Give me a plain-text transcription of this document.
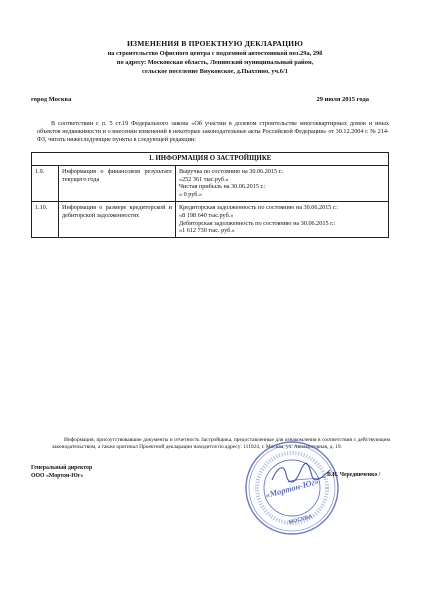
ИЗМЕНЕНИЯ В ПРОЕКТНУЮ ДЕКЛАРАЦИЮ
на строительство Офисного центра с подземной автостоянкой поз.29а, 29б
по адресу: Московская область, Ленинский муниципальный район,
сельское поселение Внуковское, д.Пыхтино, уч.6/1
город Москва	29 июля 2015 года
В соответствии с п. 5 ст.19 Федерального закона «Об участии в долевом строительстве многоквартирных домов и иных объектов недвижимости и о внесении изменений в некоторые законодательные акты Российской Федерации» от 30.12.2004 г. № 214-ФЗ, читать нижеследующие пункты в следующей редакции:
1. ИНФОРМАЦИЯ О ЗАСТРОЙЩИКЕ		
1.9.	Информация о финансовом результате текущего года	Выручка по состоянию на 30.06.2015 г.:
«252 361 тыс.руб.»
Чистая прибыль на 30.06.2015 г.:
« 0 руб.»

1.10.	Информация о размере кредиторской и дебиторской задолженностях	Кредиторская задолженность по состоянию на 30.06.2015 г.:
«8 198 640 тыс.руб.»
Дебиторская задолженность по состоянию на 30.06.2015 г.:
«1 612 730 тыс. руб.»
Информация, присоутствовавшие документы и отчетность Застройщика, предоставленные для ознакомления в соответствии с действующим законодательством, а также оригинал Проектной декларации находится по адресу: 111024, г. Москва, ул. Авиамоторная, д. 19.
Генеральный директор
ООО «Мортон-Юг»
«Мортон-Юг»
МОСКВА
В.И. Чередниченко /
